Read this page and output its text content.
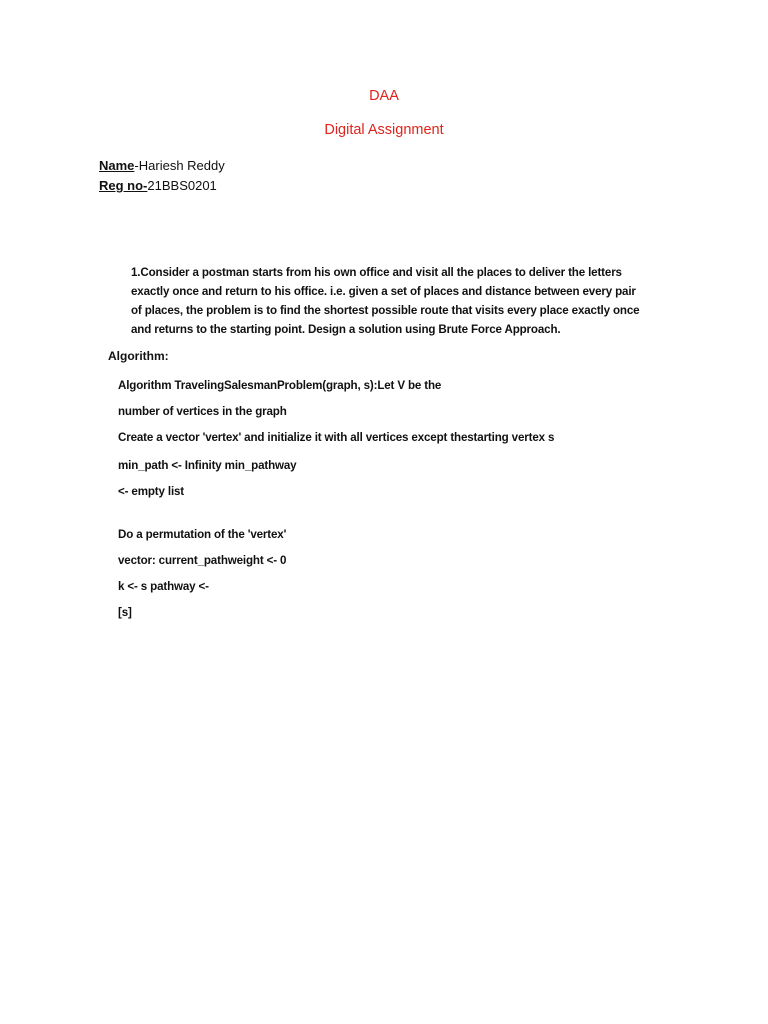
DAA
Digital Assignment
Name-Hariesh Reddy
Reg no-21BBS0201
1.Consider a postman starts from his own office and visit all the places to deliver the letters
exactly once and return to his office. i.e. given a set of places and distance between every pair
of places, the problem is to find the shortest possible route that visits every place exactly once
and returns to the starting point. Design a solution using Brute Force Approach.
Algorithm:
Algorithm TravelingSalesmanProblem(graph, s):Let V be the
number of vertices in the graph
Create a vector 'vertex' and initialize it with all vertices except thestarting vertex s
min_path <- Infinity min_pathway
<- empty list
Do a permutation of the 'vertex'
vector: current_pathweight <- 0
k <- s pathway <-
[s]
